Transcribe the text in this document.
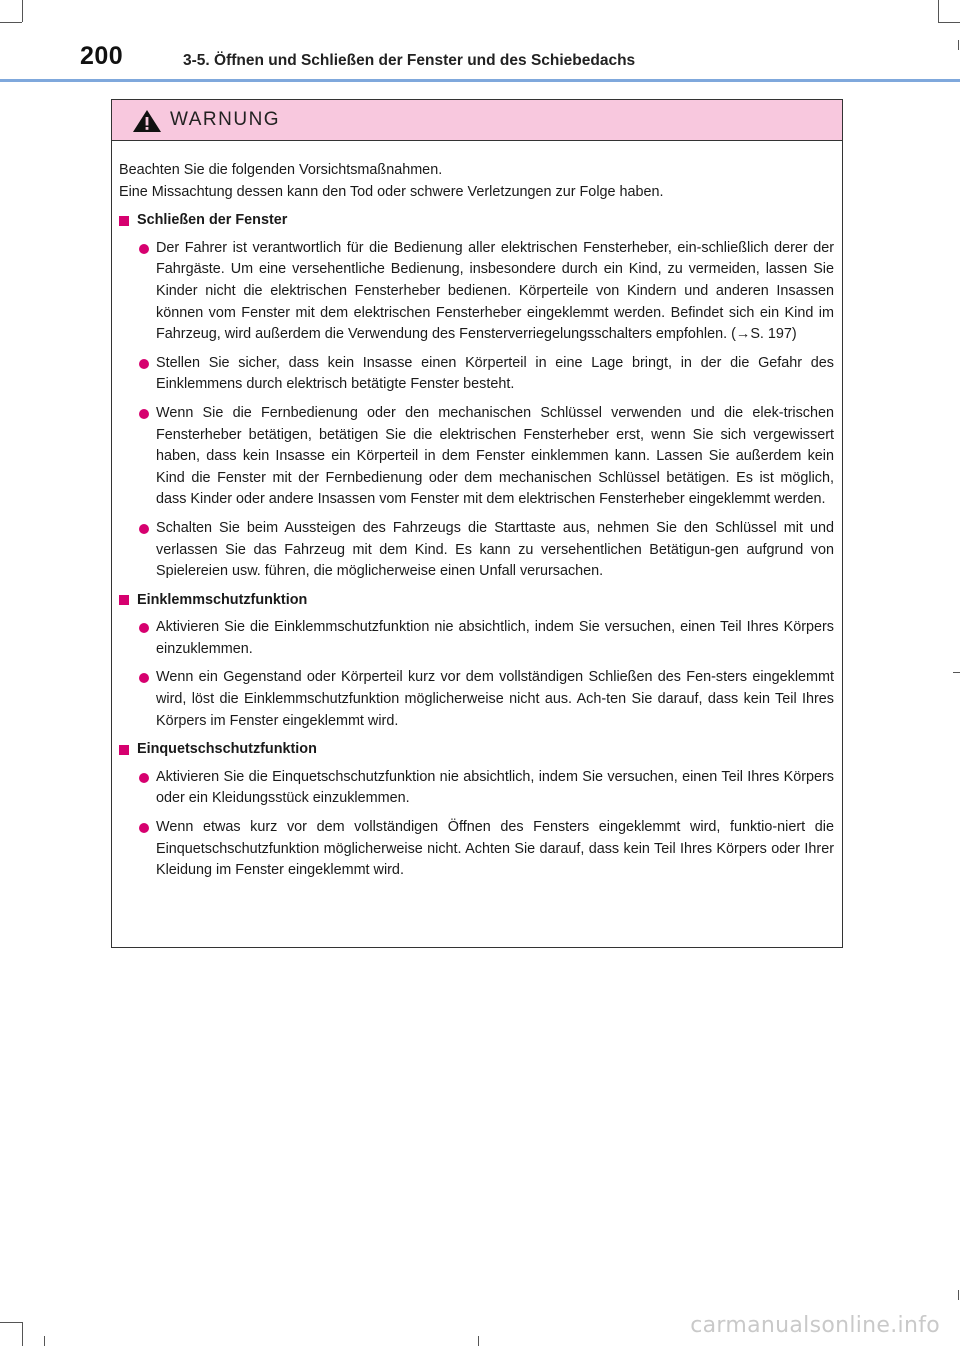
200	3-5. Öffnen und Schließen der Fenster und des Schiebedachs
WARNUNG
Beachten Sie die folgenden Vorsichtsmaßnahmen.
Eine Missachtung dessen kann den Tod oder schwere Verletzungen zur Folge haben.
Schließen der Fenster
Der Fahrer ist verantwortlich für die Bedienung aller elektrischen Fensterheber, ein-schließlich derer der Fahrgäste. Um eine versehentliche Bedienung, insbesondere durch ein Kind, zu vermeiden, lassen Sie Kinder nicht die elektrischen Fensterheber bedienen. Körperteile von Kindern und anderen Insassen können vom Fenster mit dem elektrischen Fensterheber eingeklemmt werden. Befindet sich ein Kind im Fahrzeug, wird außerdem die Verwendung des Fensterverriegelungsschalters empfohlen. (→S. 197)
Stellen Sie sicher, dass kein Insasse einen Körperteil in eine Lage bringt, in der die Gefahr des Einklemmens durch elektrisch betätigte Fenster besteht.
Wenn Sie die Fernbedienung oder den mechanischen Schlüssel verwenden und die elek-trischen Fensterheber betätigen, betätigen Sie die elektrischen Fensterheber erst, wenn Sie sich vergewissert haben, dass kein Insasse ein Körperteil in dem Fenster einklemmen kann. Lassen Sie außerdem kein Kind die Fenster mit der Fernbedienung oder dem mechanischen Schlüssel betätigen. Es ist möglich, dass Kinder oder andere Insassen vom Fenster mit dem elektrischen Fensterheber eingeklemmt werden.
Schalten Sie beim Aussteigen des Fahrzeugs die Starttaste aus, nehmen Sie den Schlüssel mit und verlassen Sie das Fahrzeug mit dem Kind. Es kann zu versehentlichen Betätigun-gen aufgrund von Spielereien usw. führen, die möglicherweise einen Unfall verursachen.
Einklemmschutzfunktion
Aktivieren Sie die Einklemmschutzfunktion nie absichtlich, indem Sie versuchen, einen Teil Ihres Körpers einzuklemmen.
Wenn ein Gegenstand oder Körperteil kurz vor dem vollständigen Schließen des Fen-sters eingeklemmt wird, löst die Einklemmschutzfunktion möglicherweise nicht aus. Ach-ten Sie darauf, dass kein Teil Ihres Körpers im Fenster eingeklemmt wird.
Einquetschschutzfunktion
Aktivieren Sie die Einquetschschutzfunktion nie absichtlich, indem Sie versuchen, einen Teil Ihres Körpers oder ein Kleidungsstück einzuklemmen.
Wenn etwas kurz vor dem vollständigen Öffnen des Fensters eingeklemmt wird, funktio-niert die Einquetschschutzfunktion möglicherweise nicht. Achten Sie darauf, dass kein Teil Ihres Körpers oder Ihrer Kleidung im Fenster eingeklemmt wird.
carmanualsonline.info
